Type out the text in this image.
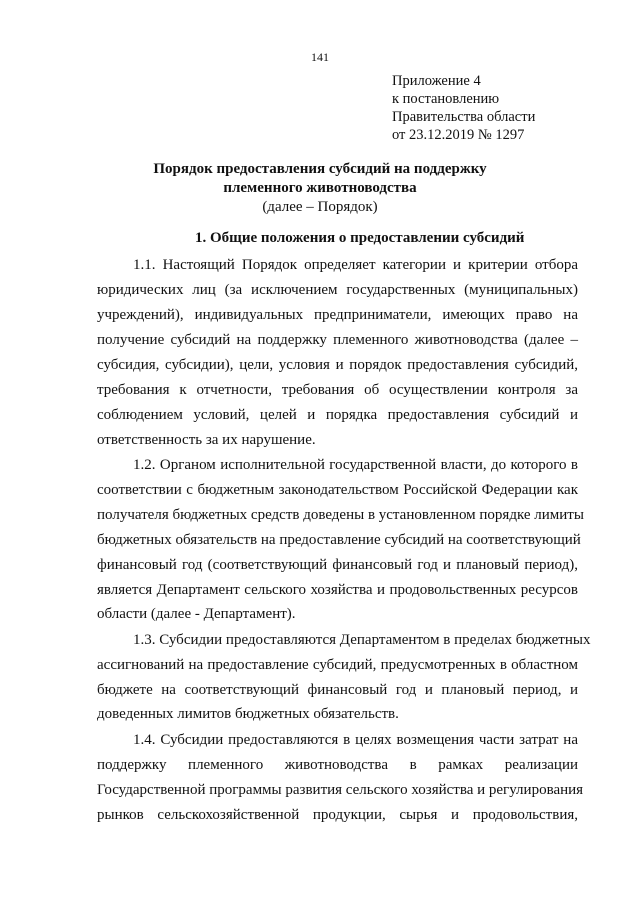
141
Приложение 4
к постановлению
Правительства области
от 23.12.2019 № 1297
Порядок предоставления субсидий на поддержку
племенного животноводства
(далее – Порядок)
1. Общие положения о предоставлении субсидий
1.1. Настоящий Порядок определяет категории и критерии отбора
юридических лиц (за исключением государственных (муниципальных)
учреждений), индивидуальных предприниматели, имеющих право на
получение субсидий на поддержку племенного животноводства (далее –
субсидия, субсидии), цели, условия и порядок предоставления субсидий,
требования к отчетности, требования об осуществлении контроля за
соблюдением условий, целей и порядка предоставления субсидий и
ответственность за их нарушение.
1.2. Органом исполнительной государственной власти, до которого в
соответствии с бюджетным законодательством Российской Федерации как
получателя бюджетных средств доведены в установленном порядке лимиты
бюджетных обязательств на предоставление субсидий на соответствующий
финансовый год (соответствующий финансовый год и плановый период),
является Департамент сельского хозяйства и продовольственных ресурсов
области (далее - Департамент).
1.3. Субсидии предоставляются Департаментом в пределах бюджетных
ассигнований на предоставление субсидий, предусмотренных в областном
бюджете на соответствующий финансовый год и плановый период, и
доведенных лимитов бюджетных обязательств.
1.4. Субсидии предоставляются в целях возмещения части затрат на
поддержку племенного животноводства в рамках реализации
Государственной программы развития сельского хозяйства и регулирования
рынков сельскохозяйственной продукции, сырья и продовольствия,
